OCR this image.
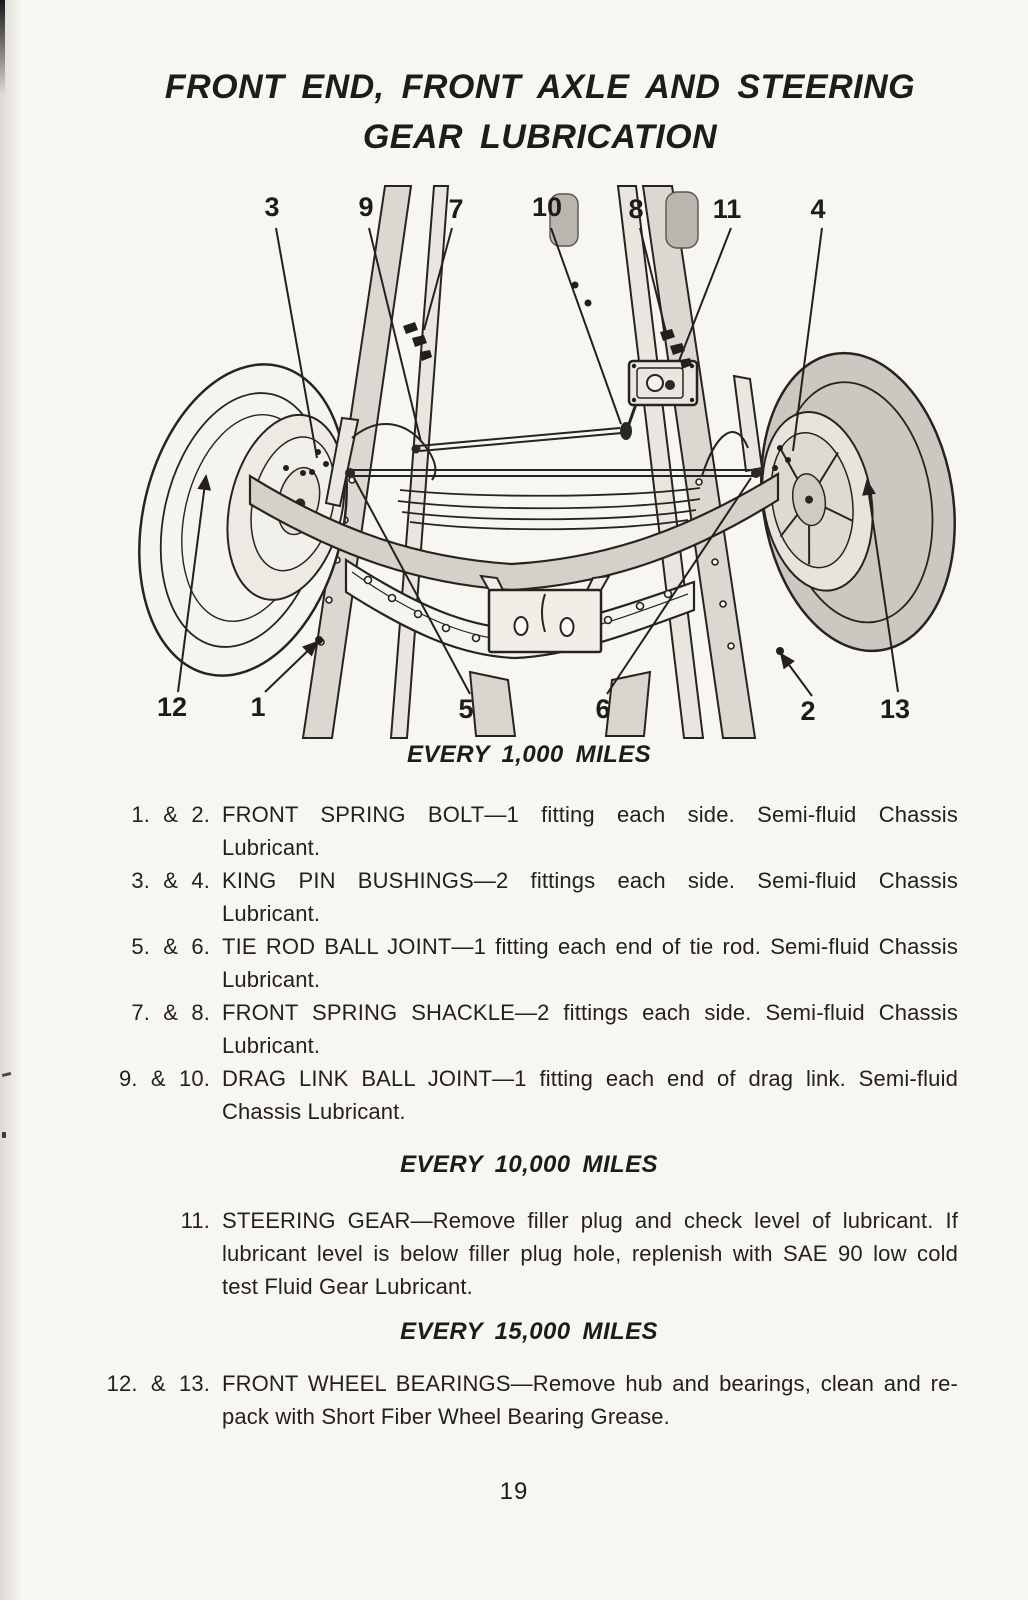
FRONT END, FRONT AXLE AND STEERING
GEAR LUBRICATION
3	9	7	10 8	11	4
12 1	5	6	2 13
EVERY 1,000 MILES
1. & 2. FRONT SPRING BOLT—1 fitting each side. Semi-fluid Chassis
Lubricant.
3. & 4. KING PIN BUSHINGS—2 fittings each side. Semi-fluid Chassis
Lubricant.
5. & 6. TIE ROD BALL JOINT—1 fitting each end of tie rod. Semi-fluid Chassis
Lubricant.
7. & 8. FRONT SPRING SHACKLE—2 fittings each side. Semi-fluid Chassis
Lubricant.
9. & 10. DRAG LINK BALL JOINT—1 fitting each end of drag link. Semi-fluid
Chassis Lubricant.
EVERY 10,000 MILES
11. STEERING GEAR—Remove filler plug and check level of lubricant. If
lubricant level is below filler plug hole, replenish with SAE 90 low cold
test Fluid Gear Lubricant.
EVERY 15,000 MILES
12. & 13. FRONT WHEEL BEARINGS—Remove hub and bearings, clean and re-
pack with Short Fiber Wheel Bearing Grease.
19
